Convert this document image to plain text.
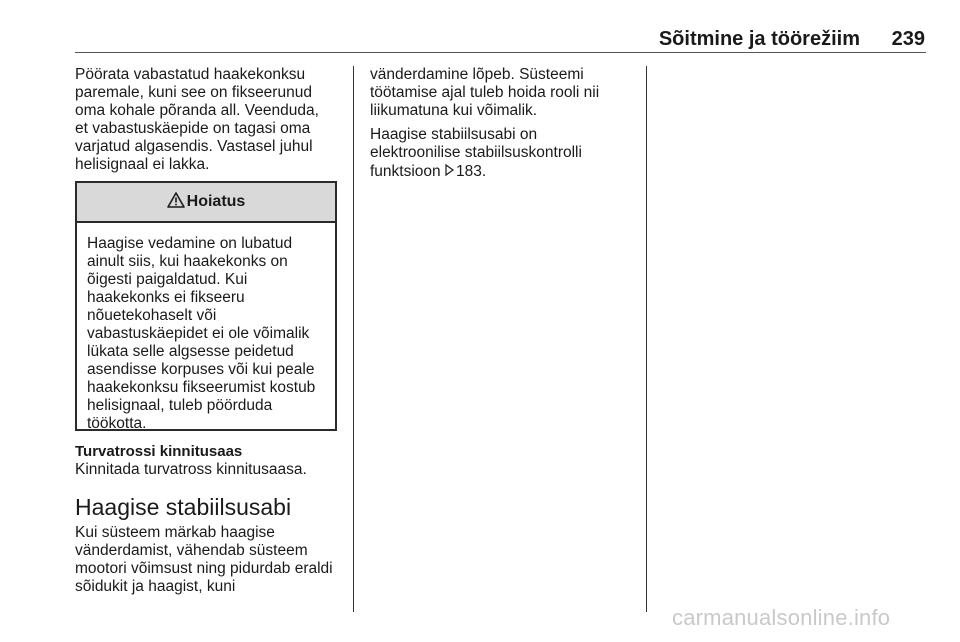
Sõitmine ja töörežiim	239

Pöörata vabastatud haakekonksu
paremale, kuni see on fikseerunud
oma kohale põranda all. Veenduda,
et vabastuskäepide on tagasi oma
varjatud algasendis. Vastasel juhul
helisignaal ei lakka.

Hoiatus
Haagise vedamine on lubatud
ainult siis, kui haakekonks on
õigesti paigaldatud. Kui
haakekonks ei fikseeru
nõuetekohaselt või
vabastuskäepidet ei ole võimalik
lükata selle algsesse peidetud
asendisse korpuses või kui peale
haakekonksu fikseerumist kostub
helisignaal, tuleb pöörduda
töökotta.

Turvatrossi kinnitusaas

Kinnitada turvatross kinnitusaasa.

Haagise stabiilsusabi

Kui süsteem märkab haagise
vänderdamist, vähendab süsteem
mootori võimsust ning pidurdab eraldi
sõidukit ja haagist, kuni

vänderdamine lõpeb. Süsteemi
töötamise ajal tuleb hoida rooli nii
liikumatuna kui võimalik.

Haagise stabiilsusabi on
elektroonilise stabiilsuskontrolli
funktsioon 183.

carmanualsonline.info
